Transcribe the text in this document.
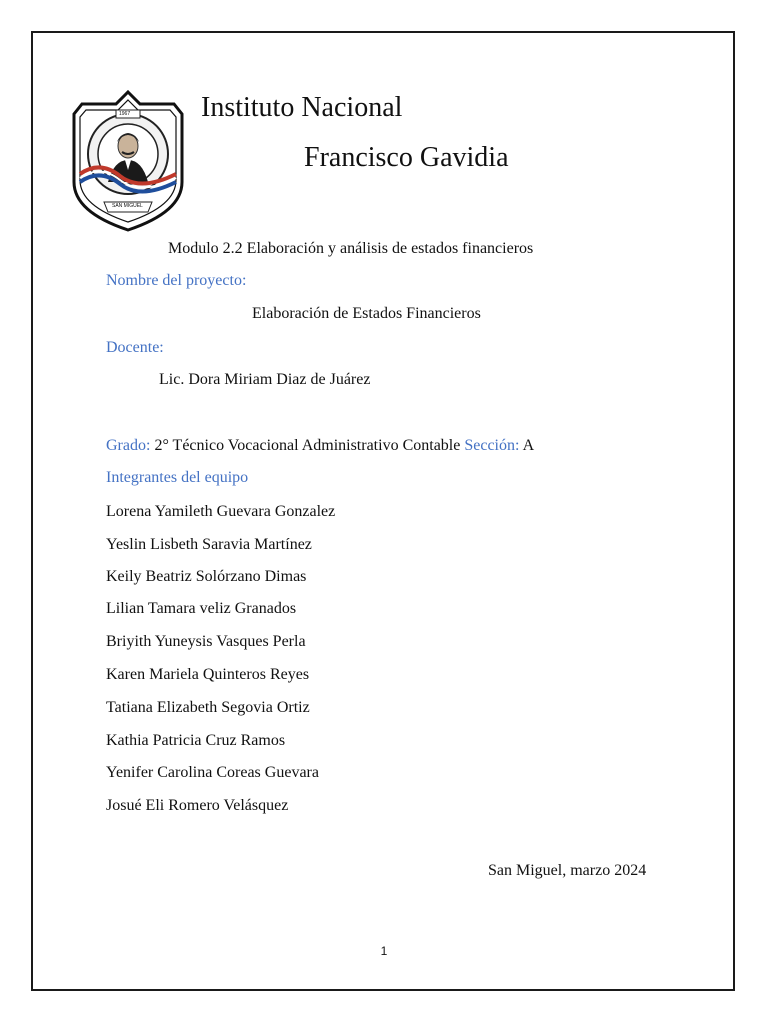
1967
SAN MIGUEL
Instituto Nacional
Francisco Gavidia
Modulo 2.2 Elaboración y análisis de estados financieros
Nombre del proyecto:
Elaboración de Estados Financieros
Docente:
Lic. Dora Miriam Diaz de Juárez
Grado: 2° Técnico Vocacional Administrativo Contable Sección: A
Integrantes del equipo
Lorena Yamileth Guevara Gonzalez
Yeslin Lisbeth Saravia Martínez
Keily Beatriz Solórzano Dimas
Lilian Tamara veliz Granados
Briyith Yuneysis Vasques Perla
Karen Mariela Quinteros Reyes
Tatiana Elizabeth Segovia Ortiz
Kathia Patricia Cruz Ramos
Yenifer Carolina Coreas Guevara
Josué Eli Romero Velásquez
San Miguel, marzo 2024
1
